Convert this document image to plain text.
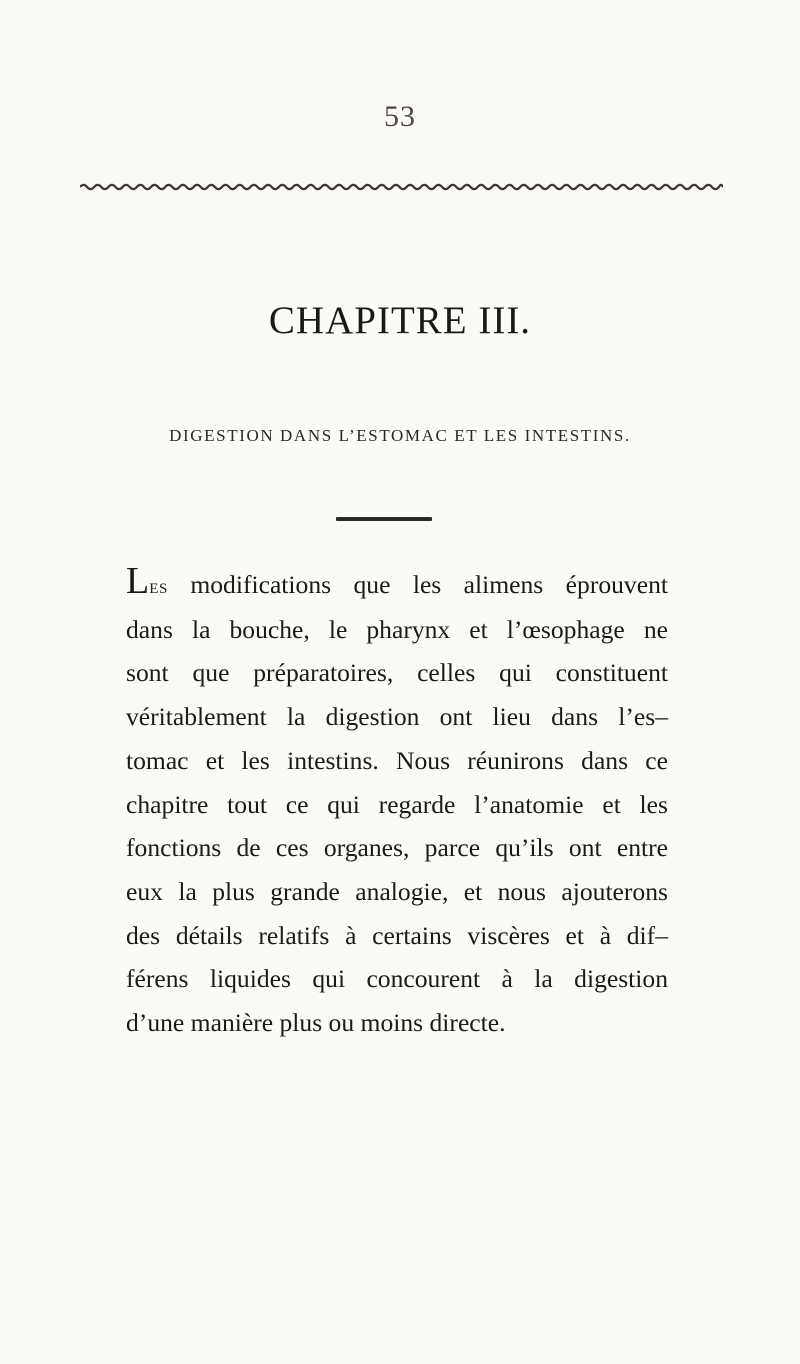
53
CHAPITRE III.
DIGESTION DANS L’ESTOMAC ET LES INTESTINS.
Les modifications que les alimens éprouvent
dans la bouche, le pharynx et l’œsophage ne
sont que préparatoires, celles qui constituent
véritablement la digestion ont lieu dans l’es–
tomac et les intestins. Nous réunirons dans ce
chapitre tout ce qui regarde l’anatomie et les
fonctions de ces organes, parce qu’ils ont entre
eux la plus grande analogie, et nous ajouterons
des détails relatifs à certains viscères et à dif–
férens liquides qui concourent à la digestion
d’une manière plus ou moins directe.
